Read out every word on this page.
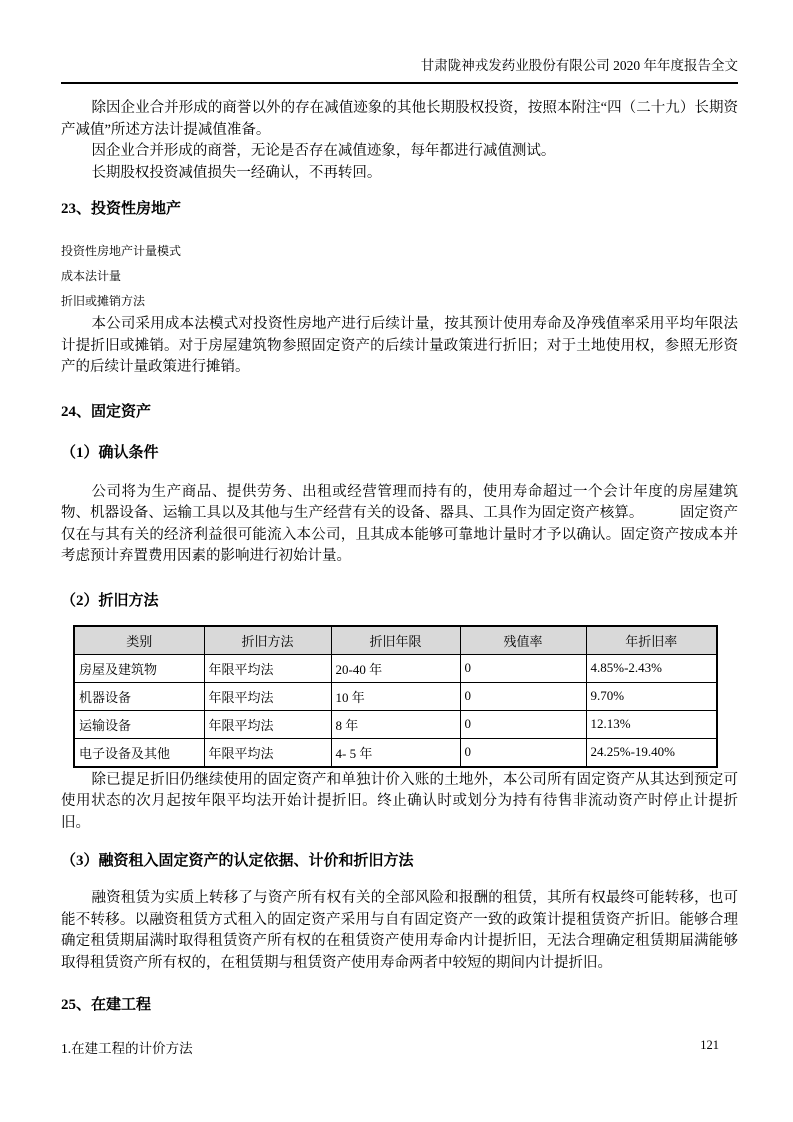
甘肃陇神戎发药业股份有限公司 2020 年年度报告全文

除因企业合并形成的商誉以外的存在减值迹象的其他长期股权投资，按照本附注“四（二十九）长期资产减值”所述方法计提减值准备。

因企业合并形成的商誉，无论是否存在减值迹象，每年都进行减值测试。

长期股权投资减值损失一经确认，不再转回。

23、投资性房地产

投资性房地产计量模式

成本法计量

折旧或摊销方法

本公司采用成本法模式对投资性房地产进行后续计量，按其预计使用寿命及净残值率采用平均年限法计提折旧或摊销。对于房屋建筑物参照固定资产的后续计量政策进行折旧；对于土地使用权，参照无形资产的后续计量政策进行摊销。

24、固定资产
（1）确认条件

公司将为生产商品、提供劳务、出租或经营管理而持有的，使用寿命超过一个会计年度的房屋建筑物、机器设备、运输工具以及其他与生产经营有关的设备、器具、工具作为固定资产核算。　　　固定资产仅在与其有关的经济利益很可能流入本公司，且其成本能够可靠地计量时才予以确认。固定资产按成本并考虑预计弃置费用因素的影响进行初始计量。

（2）折旧方法
类别	折旧方法	折旧年限	残值率	年折旧率
房屋及建筑物	年限平均法	20-40 年	0	4.85%-2.43%
机器设备	年限平均法	10 年	0	9.70%
运输设备	年限平均法	8 年	0	12.13%
电子设备及其他	年限平均法	4- 5 年	0	24.25%-19.40%

除已提足折旧仍继续使用的固定资产和单独计价入账的土地外，本公司所有固定资产从其达到预定可使用状态的次月起按年限平均法开始计提折旧。终止确认时或划分为持有待售非流动资产时停止计提折旧。

（3）融资租入固定资产的认定依据、计价和折旧方法

融资租赁为实质上转移了与资产所有权有关的全部风险和报酬的租赁，其所有权最终可能转移，也可能不转移。以融资租赁方式租入的固定资产采用与自有固定资产一致的政策计提租赁资产折旧。能够合理确定租赁期届满时取得租赁资产所有权的在租赁资产使用寿命内计提折旧，无法合理确定租赁期届满能够取得租赁资产所有权的，在租赁期与租赁资产使用寿命两者中较短的期间内计提折旧。

25、在建工程

1.在建工程的计价方法	121
